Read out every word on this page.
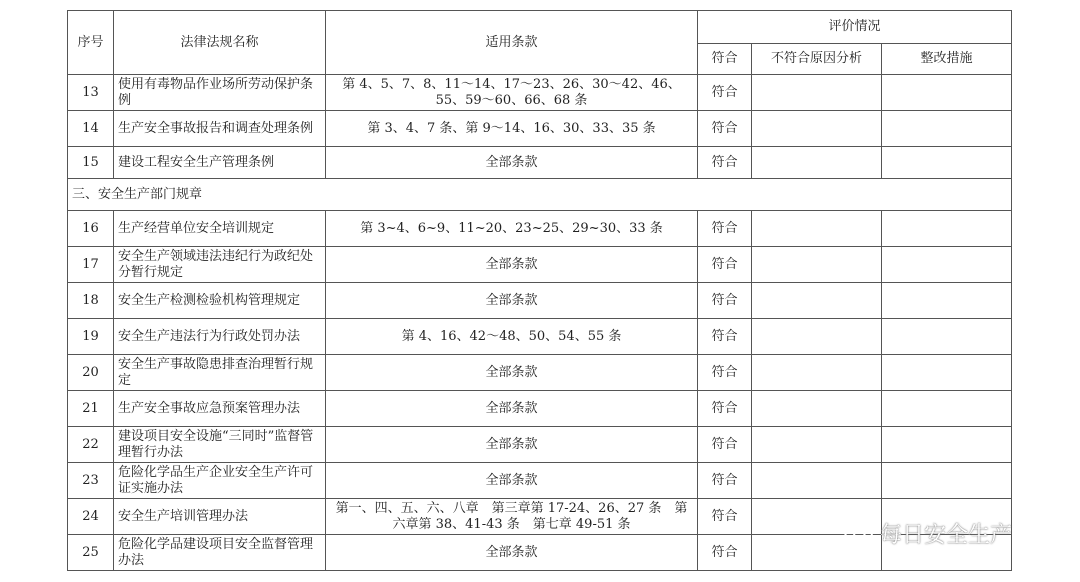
序号	法律法规名称	适用条款	评价情况		
			符合	不符合原因分析	整改措施
13	使用有毒物品作业场所劳动保护条例	第 4、5、7、8、11～14、17～23、26、30～42、46、55、59～60、66、68 条	符合		
14	生产安全事故报告和调查处理条例	第 3、4、7 条、第 9～14、16、30、33、35 条	符合		
15	建设工程安全生产管理条例	全部条款	符合		
三、安全生产部门规章					
16	生产经营单位安全培训规定	第 3~4、6~9、11~20、23~25、29~30、33 条	符合		
17	安全生产领域违法违纪行为政纪处分暂行规定	全部条款	符合		
18	安全生产检测检验机构管理规定	全部条款	符合		
19	安全生产违法行为行政处罚办法	第 4、16、42～48、50、54、55 条	符合		
20	安全生产事故隐患排查治理暂行规定	全部条款	符合		
21	生产安全事故应急预案管理办法	全部条款	符合		
22	建设项目安全设施“三同时”监督管理暂行办法	全部条款	符合		
23	危险化学品生产企业安全生产许可证实施办法	全部条款	符合		
24	安全生产培训管理办法	第一、四、五、六、八章　第三章第 17-24、26、27 条　第六章第 38、41-43 条　第七章 49-51 条	符合		
25	危险化学品建设项目安全监督管理办法	全部条款	符合		
每日安全生产
